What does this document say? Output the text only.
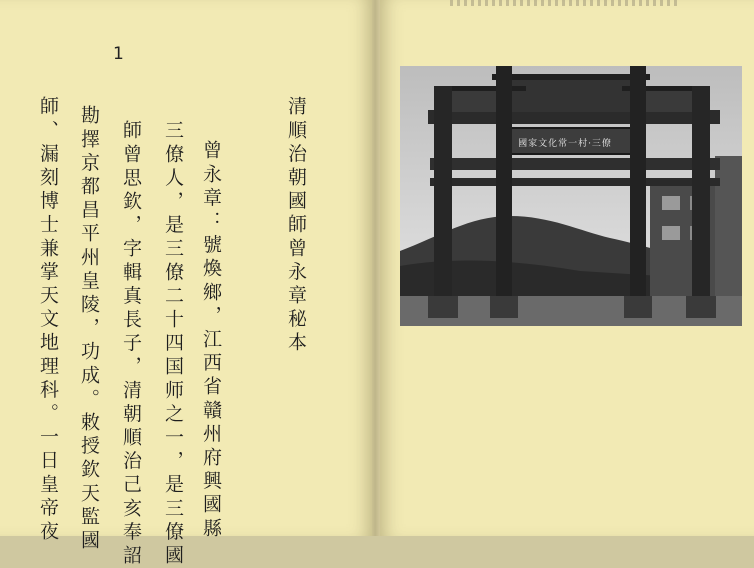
1
清順治朝國師曾永章秘本
曾永章：號煥鄉，江西省贛州府興國縣
三僚人，是三僚二十四国师之一，是三僚國
師曾思欽，字輯真長子，清朝順治己亥奉詔
勘擇京都昌平州皇陵，功成。敕授欽天監國
師、漏刻博士兼掌天文地理科。一日皇帝夜	國家文化常一村·三僚
